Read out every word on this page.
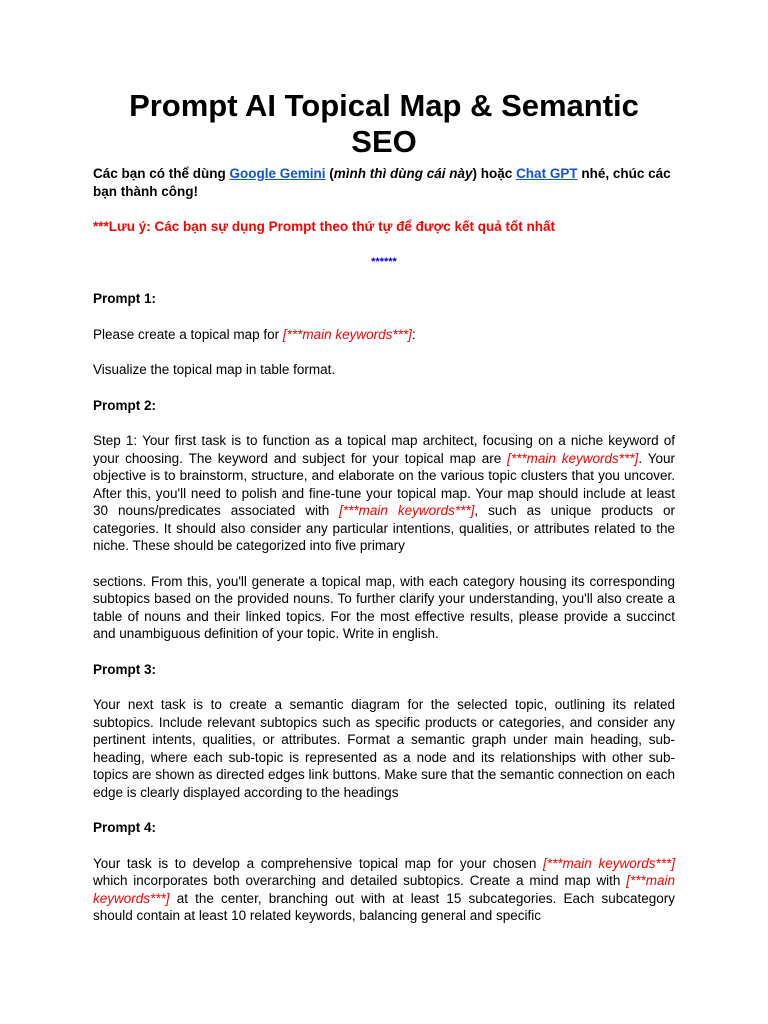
Prompt AI Topical Map & Semantic SEO

Các bạn có thể dùng Google Gemini (mình thì dùng cái này) hoặc Chat GPT nhé, chúc các bạn thành công!

***Lưu ý: Các bạn sự dụng Prompt theo thứ tự để được kết quả tốt nhất

******

Prompt 1:

Please create a topical map for [***main keywords***]:

Visualize the topical map in table format.

Prompt 2:

Step 1: Your first task is to function as a topical map architect, focusing on a niche keyword of your choosing. The keyword and subject for your topical map are [***main keywords***]. Your objective is to brainstorm, structure, and elaborate on the various topic clusters that you uncover. After this, you'll need to polish and fine-tune your topical map. Your map should include at least 30 nouns/predicates associated with [***main keywords***], such as unique products or categories. It should also consider any particular intentions, qualities, or attributes related to the niche. These should be categorized into five primary

sections. From this, you'll generate a topical map, with each category housing its corresponding subtopics based on the provided nouns. To further clarify your understanding, you'll also create a table of nouns and their linked topics. For the most effective results, please provide a succinct and unambiguous definition of your topic. Write in english.

Prompt 3:

Your next task is to create a semantic diagram for the selected topic, outlining its related subtopics. Include relevant subtopics such as specific products or categories, and consider any pertinent intents, qualities, or attributes. Format a semantic graph under main heading, sub-heading, where each sub-topic is represented as a node and its relationships with other sub-topics are shown as directed edges link buttons. Make sure that the semantic connection on each edge is clearly displayed according to the headings

Prompt 4:

Your task is to develop a comprehensive topical map for your chosen [***main keywords***] which incorporates both overarching and detailed subtopics. Create a mind map with [***main keywords***] at the center, branching out with at least 15 subcategories. Each subcategory should contain at least 10 related keywords, balancing general and specific
